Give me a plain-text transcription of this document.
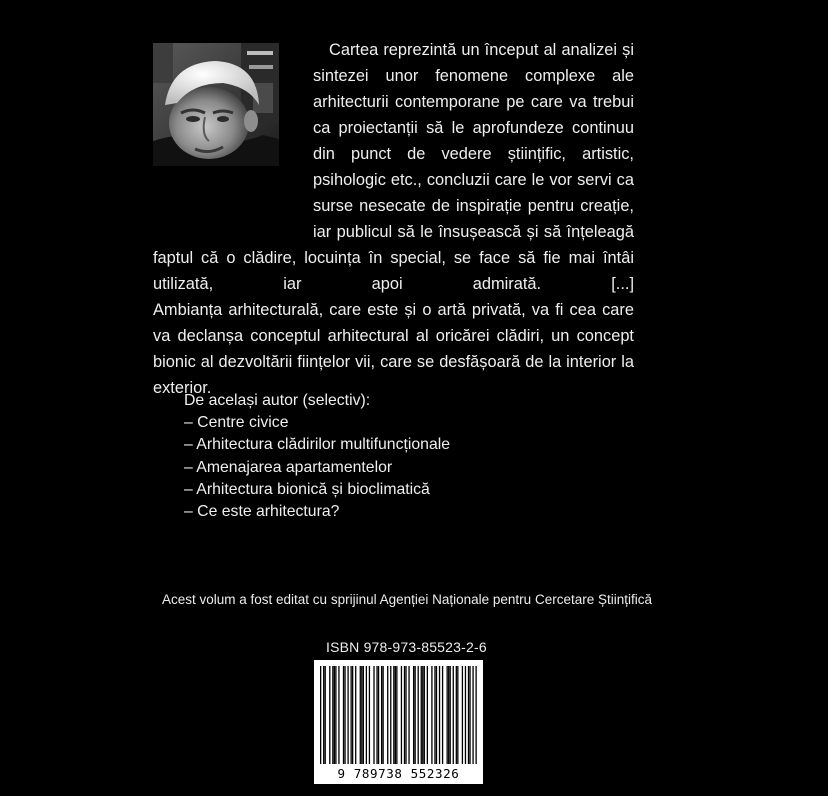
Cartea reprezintă un început al analizei și sintezei unor fenomene complexe ale arhitecturii contemporane pe care va trebui ca proiectanții să le aprofundeze continuu din punct de vedere științific, artistic, psihologic etc., concluzii care le vor servi ca surse nesecate de inspirație pentru creație, iar publicul să le însușească și să înțeleagă faptul că o clădire, locuința în special, se face să fie mai întâi utilizată, iar apoi admirată. [...]

Ambianța arhitecturală, care este și o artă privată, va fi cea care va declanșa conceptul arhitectural al oricărei clădiri, un concept bionic al dezvoltării ființelor vii, care se desfășoară de la interior la exterior.

De același autor (selectiv):

– Centre civice
– Arhitectura clădirilor multifuncționale
– Amenajarea apartamentelor
– Arhitectura bionică și bioclimatică
– Ce este arhitectura?
Acest volum a fost editat cu sprijinul Agenției Naționale pentru Cercetare Științifică
ISBN 978-973-85523-2-6
9 789738 552326
